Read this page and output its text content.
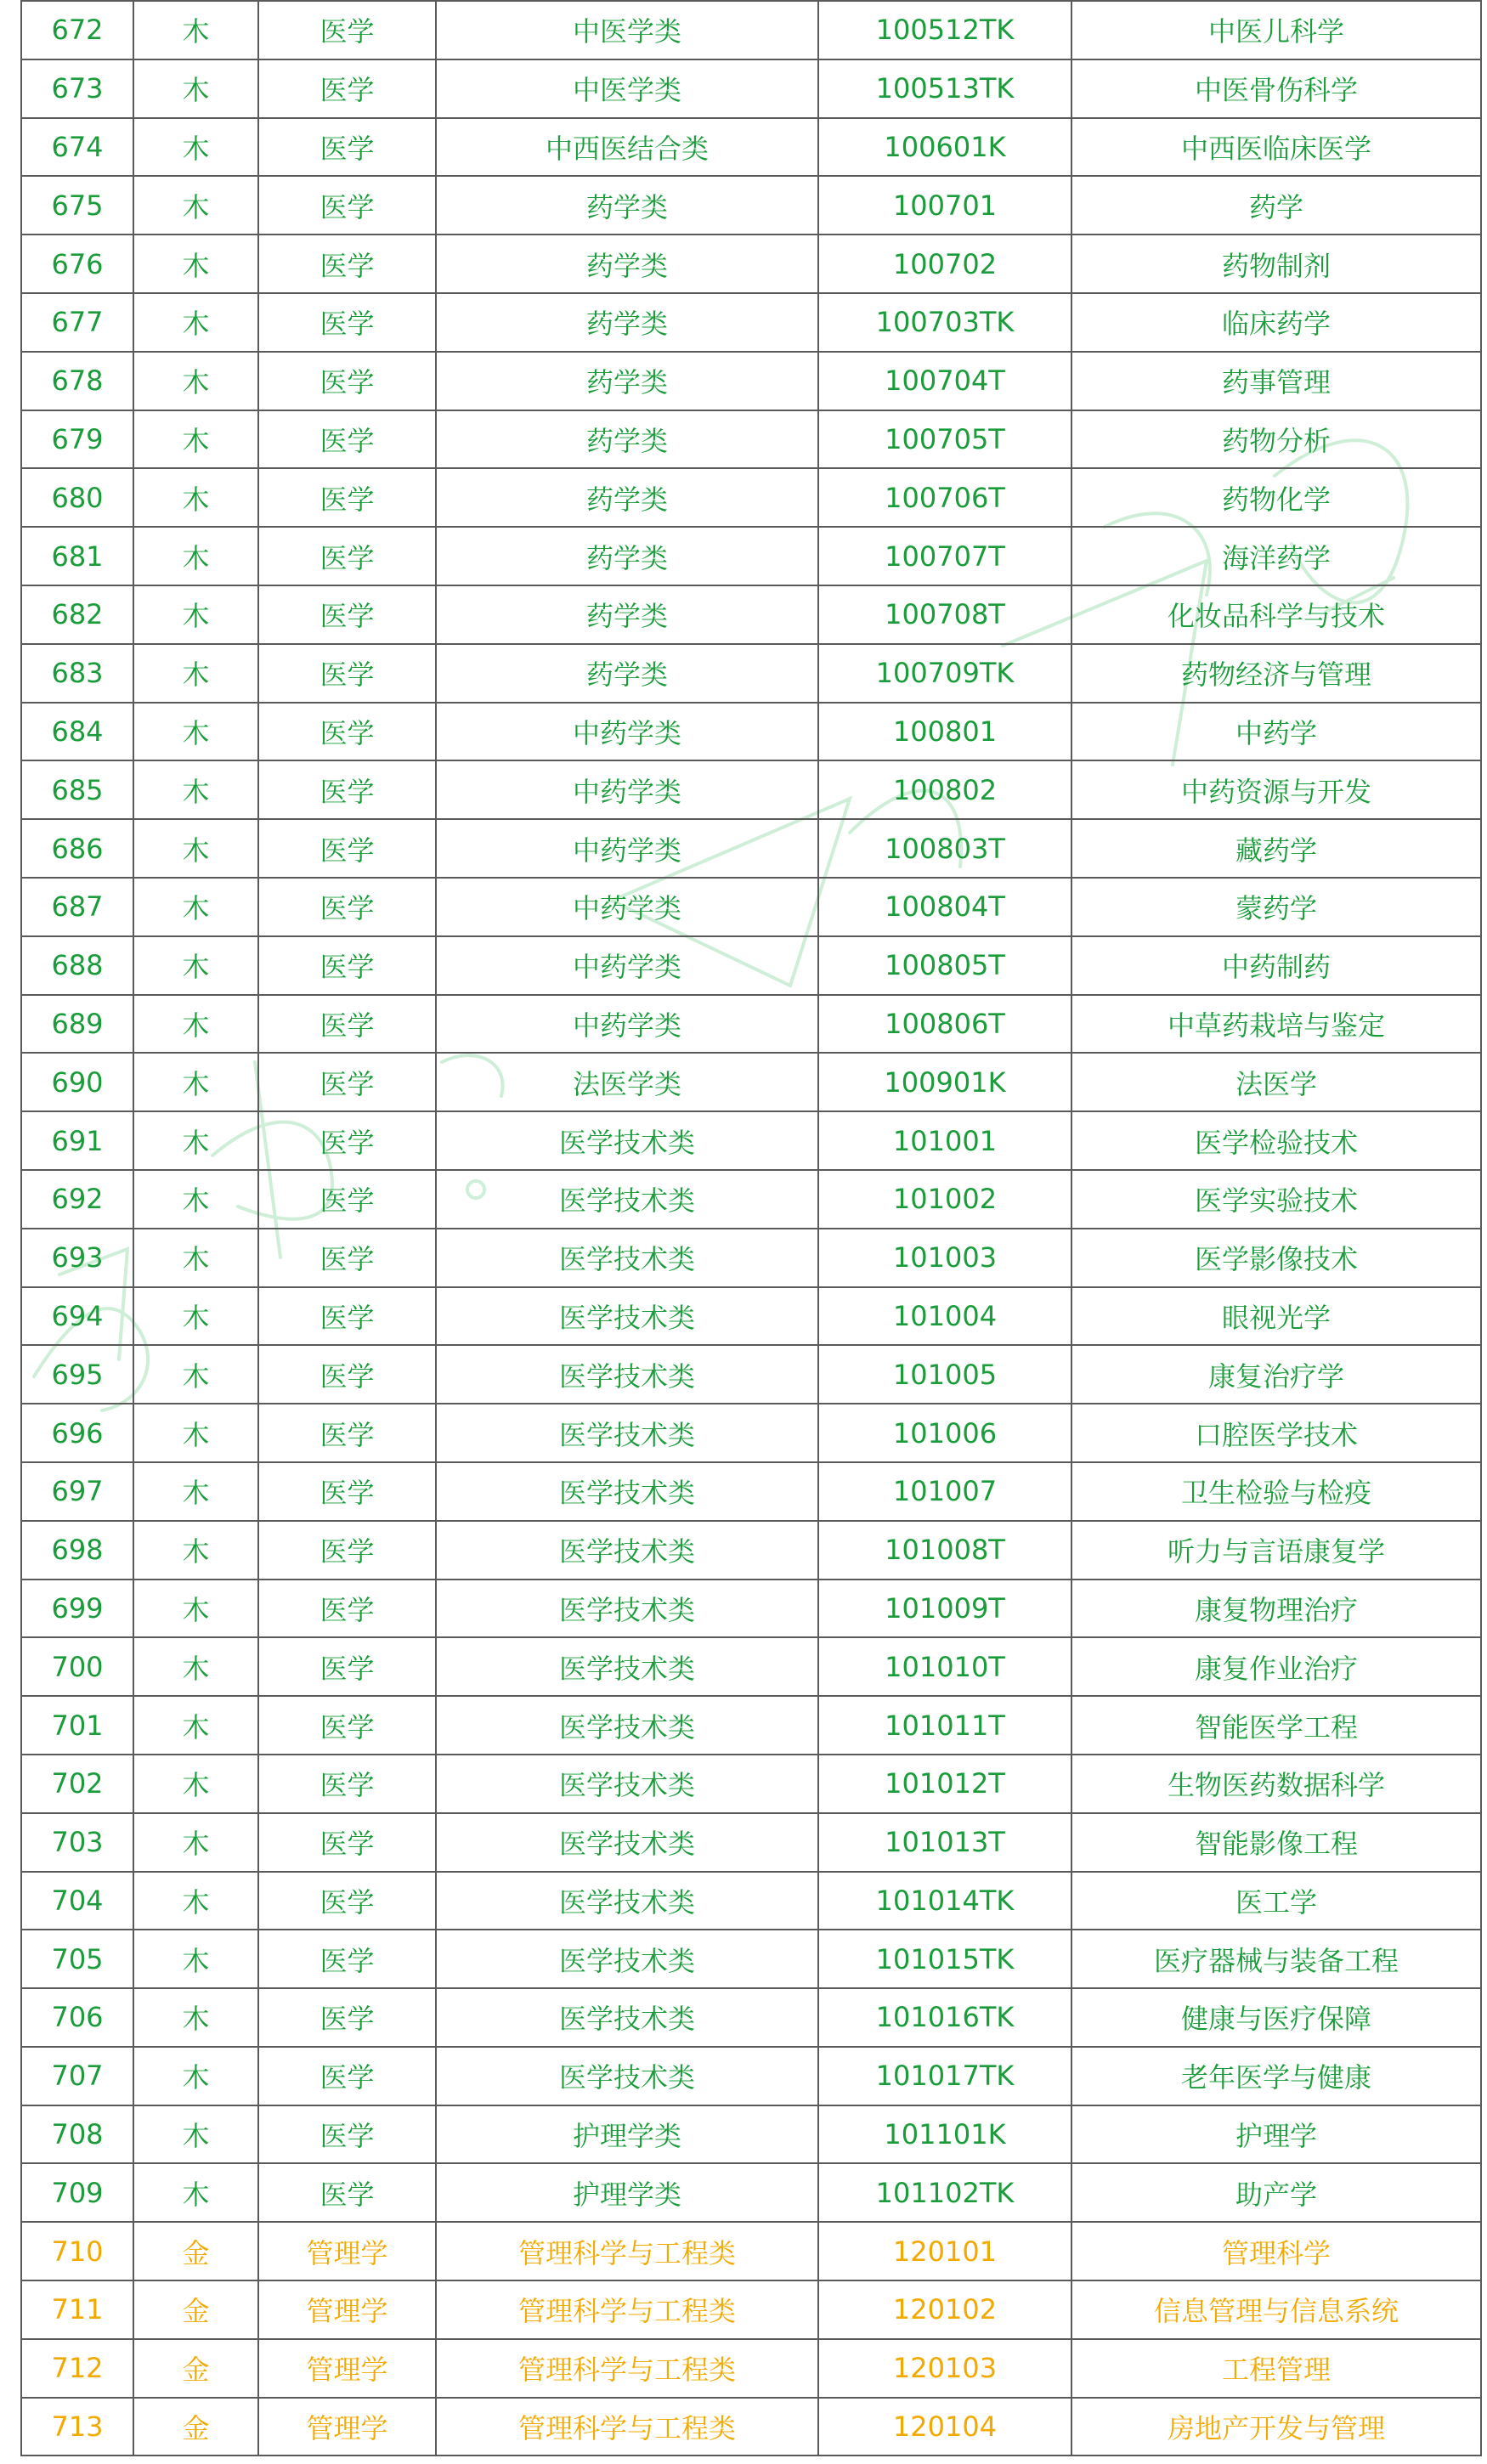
672	木	医学	中医学类	100512TK	中医儿科学
673	木	医学	中医学类	100513TK	中医骨伤科学
674	木	医学	中西医结合类	100601K	中西医临床医学
675	木	医学	药学类	100701	药学
676	木	医学	药学类	100702	药物制剂
677	木	医学	药学类	100703TK	临床药学
678	木	医学	药学类	100704T	药事管理
679	木	医学	药学类	100705T	药物分析
680	木	医学	药学类	100706T	药物化学
681	木	医学	药学类	100707T	海洋药学
682	木	医学	药学类	100708T	化妆品科学与技术
683	木	医学	药学类	100709TK	药物经济与管理
684	木	医学	中药学类	100801	中药学
685	木	医学	中药学类	100802	中药资源与开发
686	木	医学	中药学类	100803T	藏药学
687	木	医学	中药学类	100804T	蒙药学
688	木	医学	中药学类	100805T	中药制药
689	木	医学	中药学类	100806T	中草药栽培与鉴定
690	木	医学	法医学类	100901K	法医学
691	木	医学	医学技术类	101001	医学检验技术
692	木	医学	医学技术类	101002	医学实验技术
693	木	医学	医学技术类	101003	医学影像技术
694	木	医学	医学技术类	101004	眼视光学
695	木	医学	医学技术类	101005	康复治疗学
696	木	医学	医学技术类	101006	口腔医学技术
697	木	医学	医学技术类	101007	卫生检验与检疫
698	木	医学	医学技术类	101008T	听力与言语康复学
699	木	医学	医学技术类	101009T	康复物理治疗
700	木	医学	医学技术类	101010T	康复作业治疗
701	木	医学	医学技术类	101011T	智能医学工程
702	木	医学	医学技术类	101012T	生物医药数据科学
703	木	医学	医学技术类	101013T	智能影像工程
704	木	医学	医学技术类	101014TK	医工学
705	木	医学	医学技术类	101015TK	医疗器械与装备工程
706	木	医学	医学技术类	101016TK	健康与医疗保障
707	木	医学	医学技术类	101017TK	老年医学与健康
708	木	医学	护理学类	101101K	护理学
709	木	医学	护理学类	101102TK	助产学
710	金	管理学	管理科学与工程类	120101	管理科学
711	金	管理学	管理科学与工程类	120102	信息管理与信息系统
712	金	管理学	管理科学与工程类	120103	工程管理
713	金	管理学	管理科学与工程类	120104	房地产开发与管理
